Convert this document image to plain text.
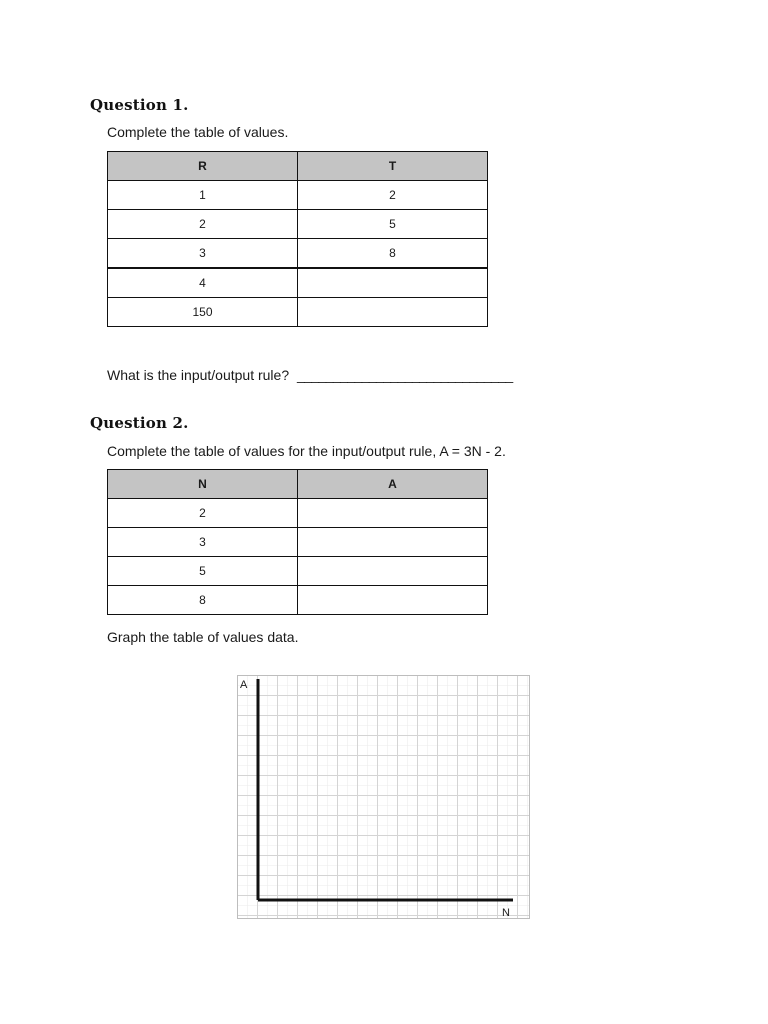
Question 1.
Complete the table of values.
R	T
1	2
2	5
3	8
4	
150	
What is the input/output rule? ______________________________
Question 2.
Complete the table of values for the input/output rule, A = 3N - 2.
N	A
2	
3	
5	
8	
Graph the table of values data.
A
N
